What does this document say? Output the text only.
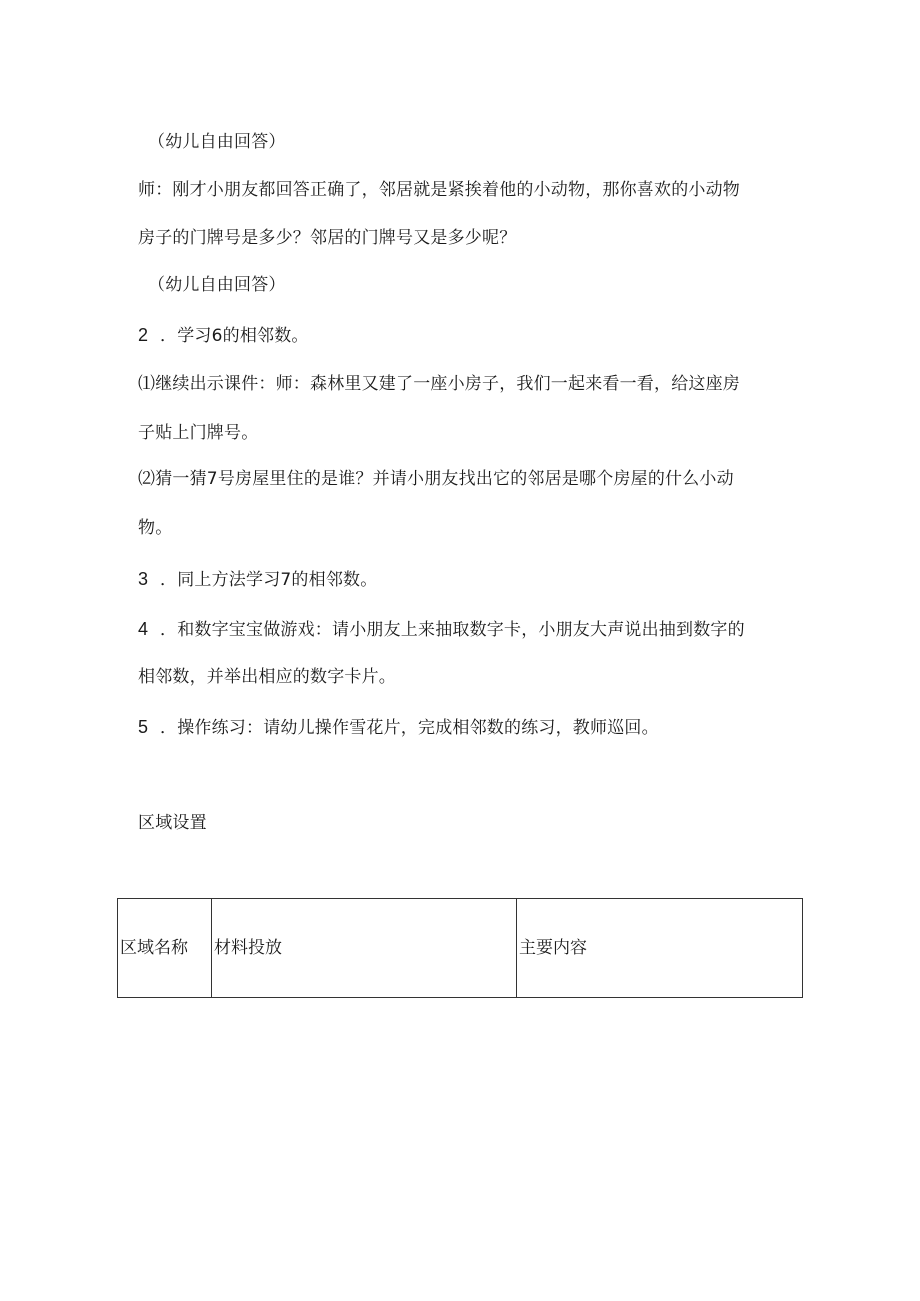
（幼儿自由回答）

师：刚才小朋友都回答正确了，邻居就是紧挨着他的小动物，那你喜欢的小动物

房子的门牌号是多少？邻居的门牌号又是多少呢？

（幼儿自由回答）

2 ．学习6的相邻数。

⑴继续出示课件：师：森林里又建了一座小房子，我们一起来看一看，给这座房

子贴上门牌号。

⑵猜一猜7号房屋里住的是谁？并请小朋友找出它的邻居是哪个房屋的什么小动

物。

3 ．同上方法学习7的相邻数。

4 ．和数字宝宝做游戏：请小朋友上来抽取数字卡，小朋友大声说出抽到数字的

相邻数，并举出相应的数字卡片。

5 ．操作练习：请幼儿操作雪花片，完成相邻数的练习，教师巡回。

区域设置

区域名称	材料投放	主要内容
